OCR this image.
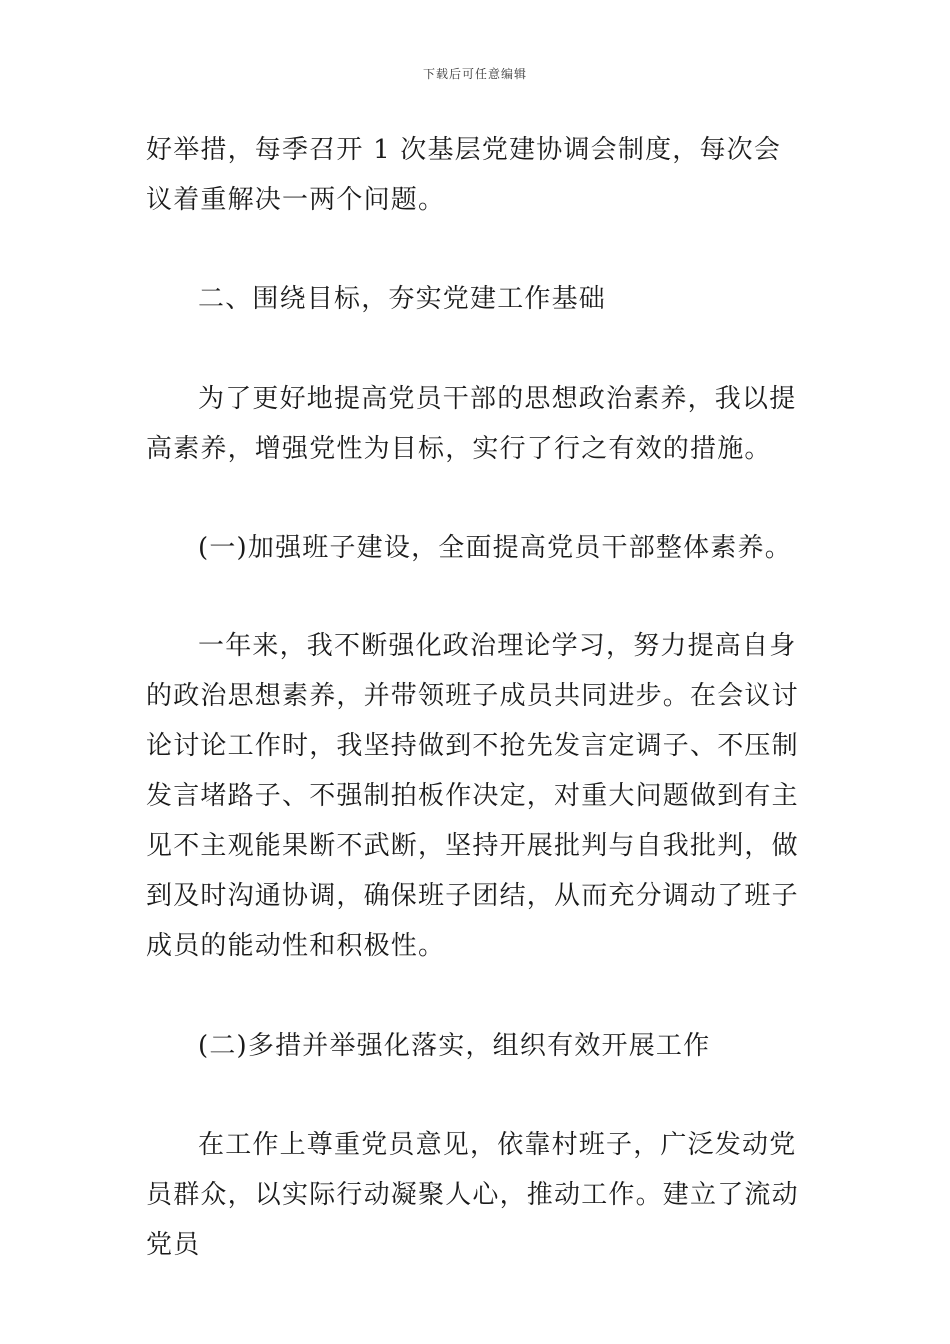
下载后可任意编辑

好举措，每季召开 1 次基层党建协调会制度，每次会议着重解决一两个问题。

二、围绕目标，夯实党建工作基础

为了更好地提高党员干部的思想政治素养，我以提高素养，增强党性为目标，实行了行之有效的措施。

(一)加强班子建设，全面提高党员干部整体素养。

一年来，我不断强化政治理论学习，努力提高自身的政治思想素养，并带领班子成员共同进步。在会议讨论讨论工作时，我坚持做到不抢先发言定调子、不压制发言堵路子、不强制拍板作决定，对重大问题做到有主见不主观能果断不武断，坚持开展批判与自我批判，做到及时沟通协调，确保班子团结，从而充分调动了班子成员的能动性和积极性。

(二)多措并举强化落实，组织有效开展工作

在工作上尊重党员意见，依靠村班子，广泛发动党员群众，以实际行动凝聚人心，推动工作。建立了流动党员
